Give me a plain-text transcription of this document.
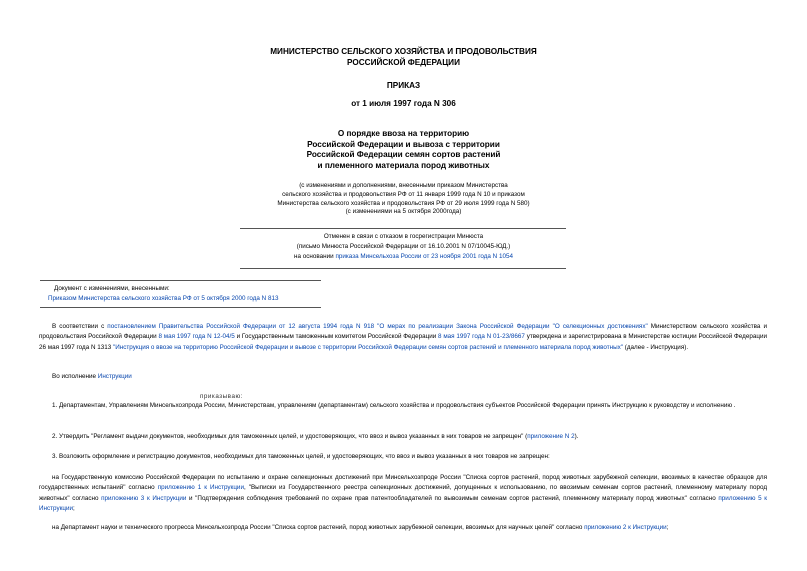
МИНИСТЕРСТВО СЕЛЬСКОГО ХОЗЯЙСТВА И ПРОДОВОЛЬСТВИЯ
РОССИЙСКОЙ ФЕДЕРАЦИИ
ПРИКАЗ
от 1 июля 1997 года N 306
О порядке ввоза на территорию
Российской Федерации и вывоза с территории
Российской Федерации семян сортов растений
и племенного материала пород животных
(с изменениями и дополнениями, внесенными приказом Министерства
сельского хозяйства и продовольствия РФ от 11 января 1999 года N 10 и приказом
Министерства сельского хозяйства и продовольствия РФ от 29 июля 1999 года N 580)
(с изменениями на 5 октября 2000года)
Отменен в связи с отказом в госрегистрации Минюста
(письмо Минюста Российской Федерации от 16.10.2001 N 07/10045-ЮД.)
на основании приказа Минсельхоза России от 23 ноября 2001 года N 1054
Документ с изменениями, внесенными:
Приказом Министерства сельского хозяйства РФ от 5 октября 2000 года N 813
В соответствии с постановлением Правительства Российской Федерации от 12 августа 1994 года N 918 "О мерах по реализации Закона Российской Федерации "О селекционных достижениях" Министерством сельского хозяйства и продовольствия Российской Федерации 8 мая 1997 года N 12-04/5 и Государственным таможенным комитетом Российской Федерации 8 мая 1997 года N 01-23/8667 утверждена и зарегистрирована в Министерстве юстиции Российской Федерации 26 мая 1997 года N 1313 "Инструкция о ввозе на территорию Российской Федерации и вывозе с территории Российской Федерации семян сортов растений и племенного материала пород животных" (далее - Инструкция).
Во исполнение Инструкции
приказываю:
1. Департаментам, Управлениям Минсельхозпрода России, Министерствам, управлениям (департаментам) сельского хозяйства и продовольствия субъектов Российской Федерации принять Инструкцию к руководству и исполнению .
2. Утвердить "Регламент выдачи документов, необходимых для таможенных целей, и удостоверяющих, что ввоз и вывоз указанных в них товаров не запрещен" (приложение N 2).
3. Возложить оформление и регистрацию документов, необходимых для таможенных целей, и удостоверяющих, что ввоз и вывоз указанных в них товаров не запрещен:
на Государственную комиссию Российской Федерации по испытанию и охране селекционных достижений при Минсельхозпроде России "Списка сортов растений, пород животных зарубежной селекции, ввозимых в качестве образцов для государственных испытаний" согласно приложению 1 к Инструкции, "Выписки из Государственного реестра селекционных достижений, допущенных к использованию, по ввозимым семенам сортов растений, племенному материалу пород животных" согласно приложению 3 к Инструкции и "Подтверждения соблюдения требований по охране прав патентообладателей по вывозимым семенам сортов растений, племенному материалу пород животных" согласно приложению 5 к Инструкции;
на Департамент науки и технического прогресса Минсельхозпрода России "Списка сортов растений, пород животных зарубежной селекции, ввозимых для научных целей" согласно приложению 2 к Инструкции;
